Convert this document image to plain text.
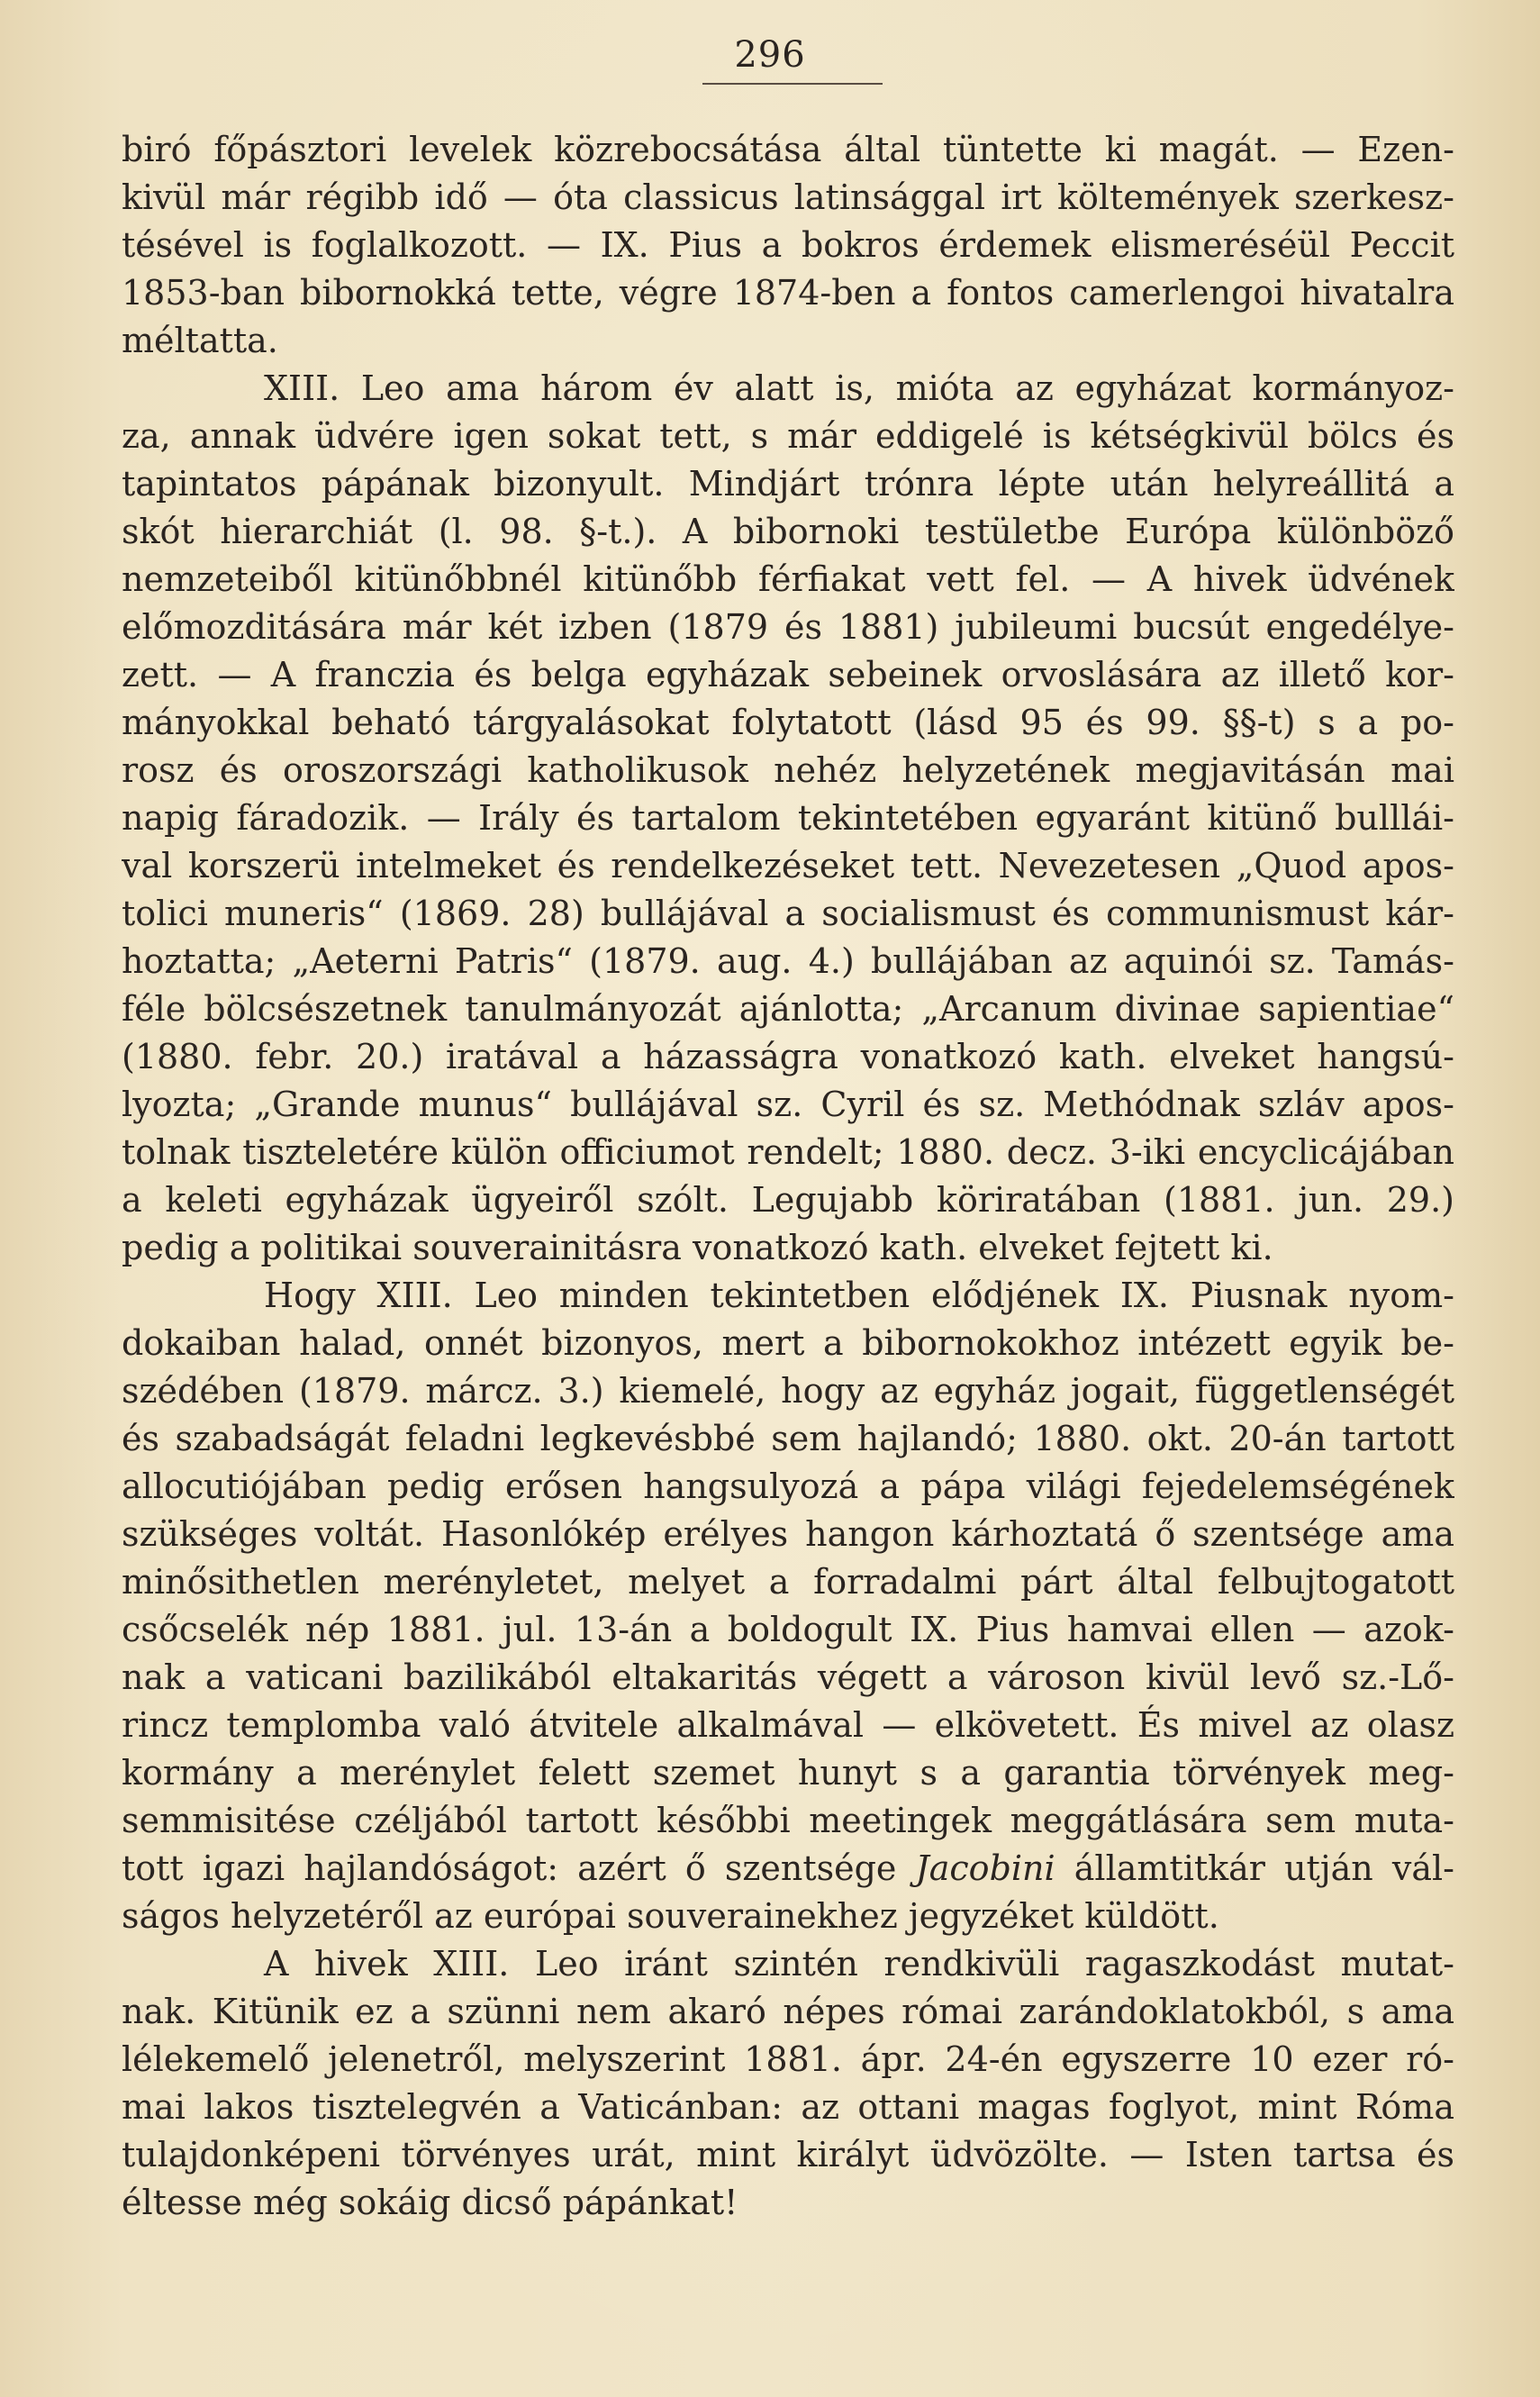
296

biró főpásztori levelek közrebocsátása által tüntette ki magát. — Ezen-
kivül már régibb idő — óta classicus latinsággal irt költemények szerkesz-
tésével is foglalkozott. — IX. Pius a bokros érdemek elismeréséül Peccit
1853-ban bibornokká tette, végre 1874-ben a fontos camerlengoi hivatalra
méltatta.

XIII. Leo ama három év alatt is, mióta az egyházat kormányoz-
za, annak üdvére igen sokat tett, s már eddigelé is kétségkivül bölcs és
tapintatos pápának bizonyult. Mindjárt trónra lépte után helyreállitá a
skót hierarchiát (l. 98. §-t.). A bibornoki testületbe Európa különböző
nemzeteiből kitünőbbnél kitünőbb férfiakat vett fel. — A hivek üdvének
előmozditására már két izben (1879 és 1881) jubileumi bucsút engedélye-
zett. — A franczia és belga egyházak sebeinek orvoslására az illető kor-
mányokkal beható tárgyalásokat folytatott (lásd 95 és 99. §§-t) s a po-
rosz és oroszországi katholikusok nehéz helyzetének megjavitásán mai
napig fáradozik. — Irály és tartalom tekintetében egyaránt kitünő bulllái-
val korszerü intelmeket és rendelkezéseket tett. Nevezetesen „Quod apos-
tolici muneris“ (1869. 28) bullájával a socialismust és communismust kár-
hoztatta; „Aeterni Patris“ (1879. aug. 4.) bullájában az aquinói sz. Tamás-
féle bölcsészetnek tanulmányozát ajánlotta; „Arcanum divinae sapientiae“
(1880. febr. 20.) iratával a házasságra vonatkozó kath. elveket hangsú-
lyozta; „Grande munus“ bullájával sz. Cyril és sz. Methódnak szláv apos-
tolnak tiszteletére külön officiumot rendelt; 1880. decz. 3-iki encyclicájában
a keleti egyházak ügyeiről szólt. Legujabb köriratában (1881. jun. 29.)
pedig a politikai souverainitásra vonatkozó kath. elveket fejtett ki.

Hogy XIII. Leo minden tekintetben elődjének IX. Piusnak nyom-
dokaiban halad, onnét bizonyos, mert a bibornokokhoz intézett egyik be-
szédében (1879. márcz. 3.) kiemelé, hogy az egyház jogait, függetlenségét
és szabadságát feladni legkevésbbé sem hajlandó; 1880. okt. 20-án tartott
allocutiójában pedig erősen hangsulyozá a pápa világi fejedelemségének
szükséges voltát. Hasonlókép erélyes hangon kárhoztatá ő szentsége ama
minősithetlen merényletet, melyet a forradalmi párt által felbujtogatott
csőcselék nép 1881. jul. 13-án a boldogult IX. Pius hamvai ellen — azok-
nak a vaticani bazilikából eltakaritás végett a városon kivül levő sz.-Lő-
rincz templomba való átvitele alkalmával — elkövetett. És mivel az olasz
kormány a merénylet felett szemet hunyt s a garantia törvények meg-
semmisitése czéljából tartott későbbi meetingek meggátlására sem muta-
tott igazi hajlandóságot: azért ő szentsége Jacobini államtitkár utján vál-
ságos helyzetéről az európai souverainekhez jegyzéket küldött.

A hivek XIII. Leo iránt szintén rendkivüli ragaszkodást mutat-
nak. Kitünik ez a szünni nem akaró népes római zarándoklatokból, s ama
lélekemelő jelenetről, melyszerint 1881. ápr. 24-én egyszerre 10 ezer ró-
mai lakos tisztelegvén a Vaticánban: az ottani magas foglyot, mint Róma
tulajdonképeni törvényes urát, mint királyt üdvözölte. — Isten tartsa és
éltesse még sokáig dicső pápánkat!
